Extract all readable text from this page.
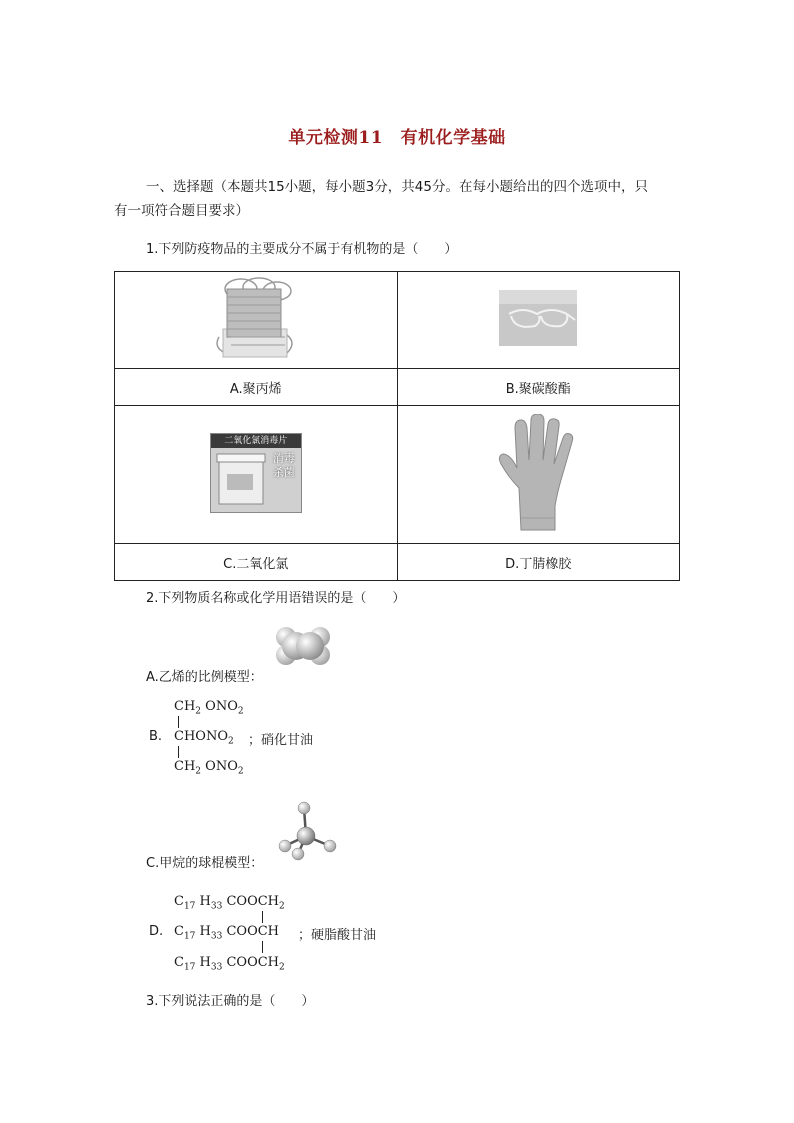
单元检测11　有机化学基础
一、选择题（本题共15小题，每小题3分，共45分。在每小题给出的四个选项中，只
有一项符合题目要求）
1.下列防疫物品的主要成分不属于有机物的是（　　）

A.聚丙烯	B.聚碳酸酯

二氧化氯消毒片
消毒杀菌

C.二氧化氯	D.丁腈橡胶
2.下列物质名称或化学用语错误的是（　　）
A.乙烯的比例模型：
$CH_2$ $ONO_2$
B. $CHONO_2$ ；硝化甘油
$CH_2$ $ONO_2$
C.甲烷的球棍模型：
$C_{17}$ $H_{33}$ $COOCH_2$
D. $C_{17}$ $H_{33}$ COOCH ；硬脂酸甘油
$C_{17}$ $H_{33}$ $COOCH_2$
3.下列说法正确的是（　　）
